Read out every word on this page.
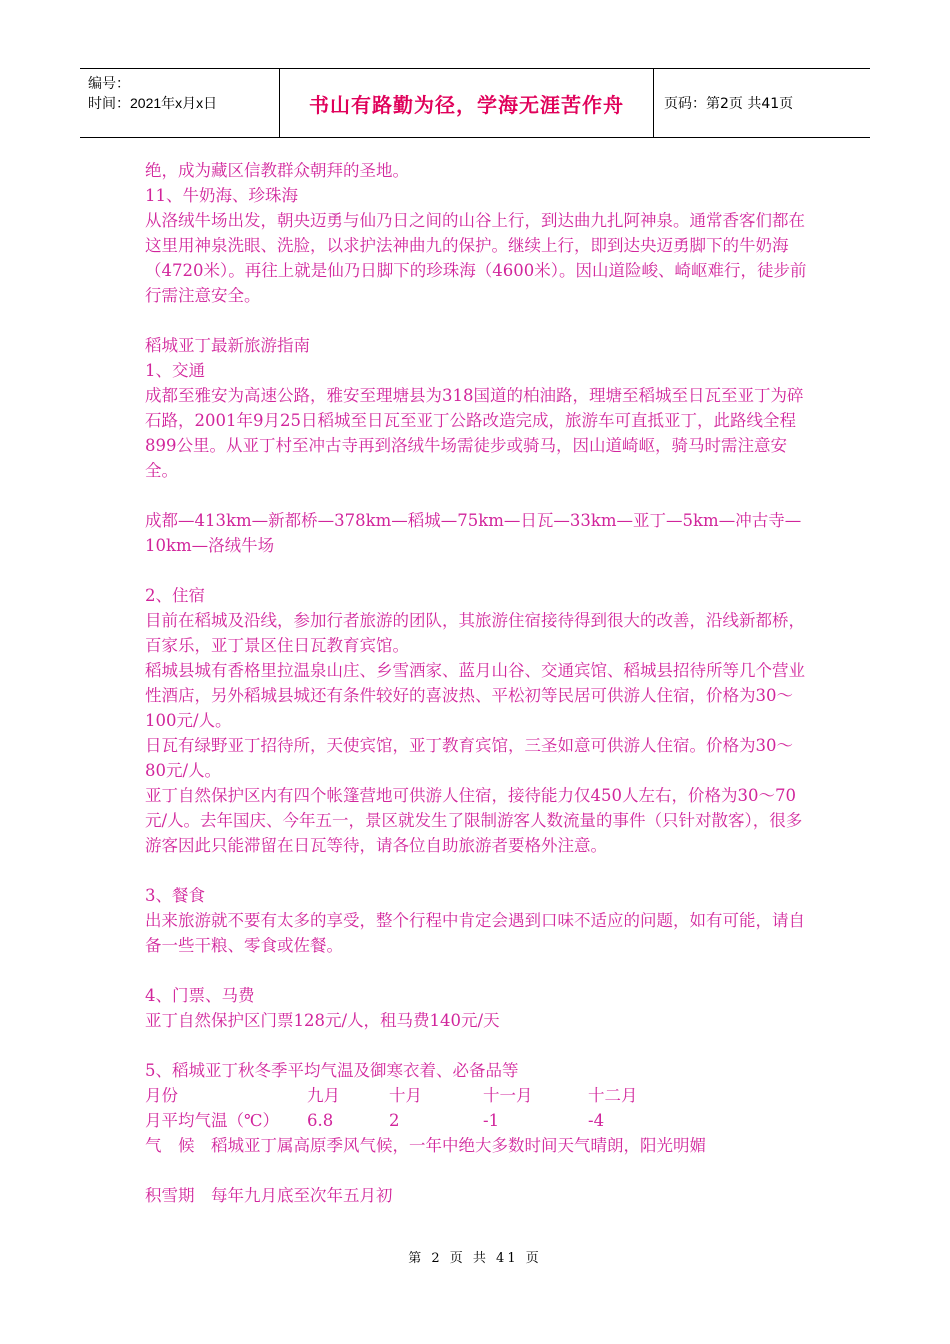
编号：
时间：2021年x月x日	书山有路勤为径，学海无涯苦作舟	页码：第2页 共41页

绝，成为藏区信教群众朝拜的圣地。

11、牛奶海、珍珠海

从洛绒牛场出发，朝央迈勇与仙乃日之间的山谷上行，到达曲九扎阿神泉。通常香客们都在这里用神泉洗眼、洗脸，以求护法神曲九的保护。继续上行，即到达央迈勇脚下的牛奶海（4720米）。再往上就是仙乃日脚下的珍珠海（4600米）。因山道险峻、崎岖难行，徒步前行需注意安全。

稻城亚丁最新旅游指南

1、交通

成都至雅安为高速公路，雅安至理塘县为318国道的柏油路，理塘至稻城至日瓦至亚丁为碎石路，2001年9月25日稻城至日瓦至亚丁公路改造完成，旅游车可直抵亚丁，此路线全程899公里。从亚丁村至冲古寺再到洛绒牛场需徒步或骑马，因山道崎岖，骑马时需注意安全。

成都—413km—新都桥—378km—稻城—75km—日瓦—33km—亚丁—5km—冲古寺—10km—洛绒牛场

2、住宿

目前在稻城及沿线，参加行者旅游的团队，其旅游住宿接待得到很大的改善，沿线新都桥，百家乐，亚丁景区住日瓦教育宾馆。

稻城县城有香格里拉温泉山庄、乡雪酒家、蓝月山谷、交通宾馆、稻城县招待所等几个营业性酒店，另外稻城县城还有条件较好的喜波热、平松初等民居可供游人住宿，价格为30～100元/人。

日瓦有绿野亚丁招待所，天使宾馆，亚丁教育宾馆，三圣如意可供游人住宿。价格为30～80元/人。

亚丁自然保护区内有四个帐篷营地可供游人住宿，接待能力仅450人左右，价格为30～70元/人。去年国庆、今年五一，景区就发生了限制游客人数流量的事件（只针对散客），很多游客因此只能滞留在日瓦等待，请各位自助旅游者要格外注意。

3、餐食

出来旅游就不要有太多的享受，整个行程中肯定会遇到口味不适应的问题，如有可能，请自备一些干粮、零食或佐餐。

4、门票、马费

亚丁自然保护区门票128元/人，租马费140元/天

5、稻城亚丁秋冬季平均气温及御寒衣着、必备品等

月份	九月	十月	十一月	十二月
月平均气温（℃）	6.8	2	-1	-4

气　候　稻城亚丁属高原季风气候，一年中绝大多数时间天气晴朗，阳光明媚

积雪期　每年九月底至次年五月初

第 2 页 共 41 页
